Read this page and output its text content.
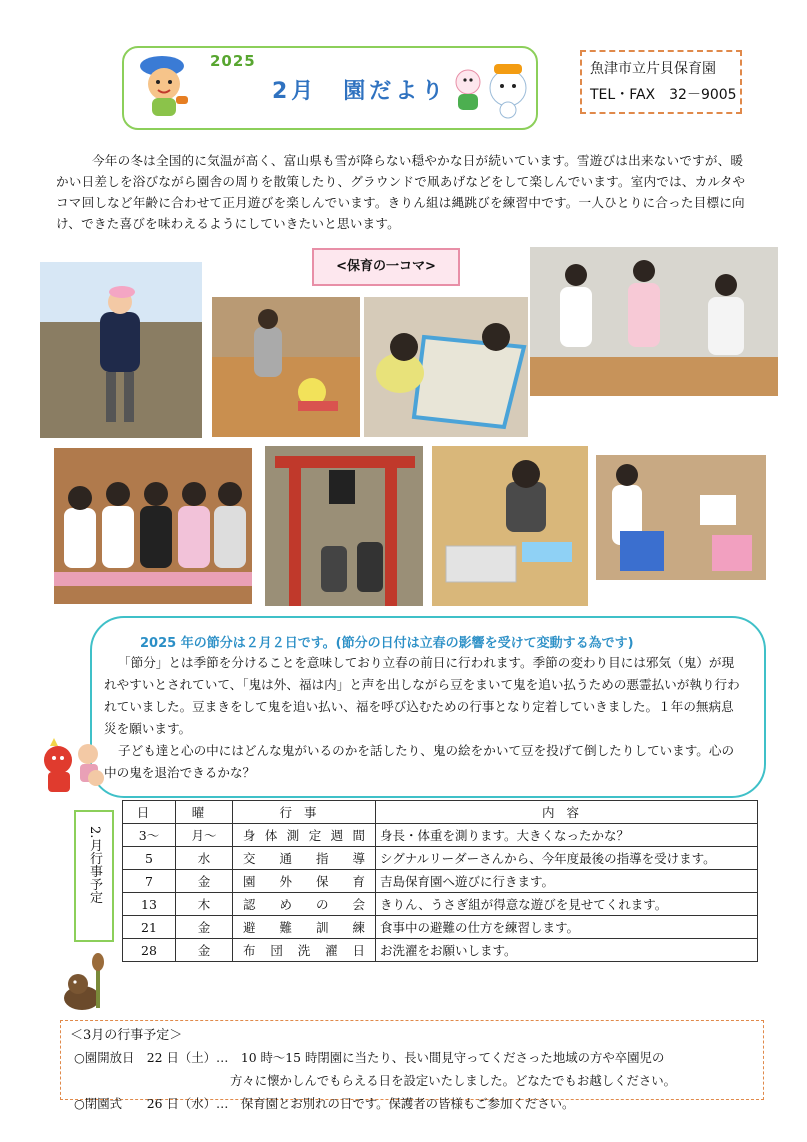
2025
2月　園だより
魚津市立片貝保育園
TEL・FAX　32－9005
今年の冬は全国的に気温が高く、富山県も雪が降らない穏やかな日が続いています。雪遊びは出来ないですが、暖かい日差しを浴びながら園舎の周りを散策したり、グラウンドで凧あげなどをして楽しんでいます。室内では、カルタやコマ回しなど年齢に合わせて正月遊びを楽しんでいます。きりん組は縄跳びを練習中です。一人ひとりに合った目標に向け、できた喜びを味わえるようにしていきたいと思います。
<保育の一コマ>
2025 年の節分は２月２日です。(節分の日付は立春の影響を受けて変動する為です)

「節分」とは季節を分けることを意味しており立春の前日に行われます。季節の変わり目には邪気（鬼）が現れやすいとされていて、「鬼は外、福は内」と声を出しながら豆をまいて鬼を追い払うための悪霊払いが執り行われていました。豆まきをして鬼を追い払い、福を呼び込むための行事となり定着していきました。１年の無病息災を願います。

子ども達と心の中にはどんな鬼がいるのかを話したり、鬼の絵をかいて豆を投げて倒したりしています。心の中の鬼を退治できるかな？

2.月行事予定
日	曜	行事	内容
3～	月～	身体測定週間	身長・体重を測ります。大きくなったかな？
5	水	交通指導	シグナルリーダーさんから、今年度最後の指導を受けます。
7	金	園外保育	吉島保育園へ遊びに行きます。
13	木	認めの会	きりん、うさぎ組が得意な遊びを見せてくれます。
21	金	避難訓練	食事中の避難の仕方を練習します。
28	金	布団洗濯日	お洗濯をお願いします。
＜3月の行事予定＞
○園開放日　22 日（土）…　10 時～15 時閉園に当たり、長い間見守ってくださった地域の方や卒園児の
方々に懐かしんでもらえる日を設定いたしました。どなたでもお越しください。
○閉園式　　26 日（水）…　保育園とお別れの日です。保護者の皆様もご参加ください。
